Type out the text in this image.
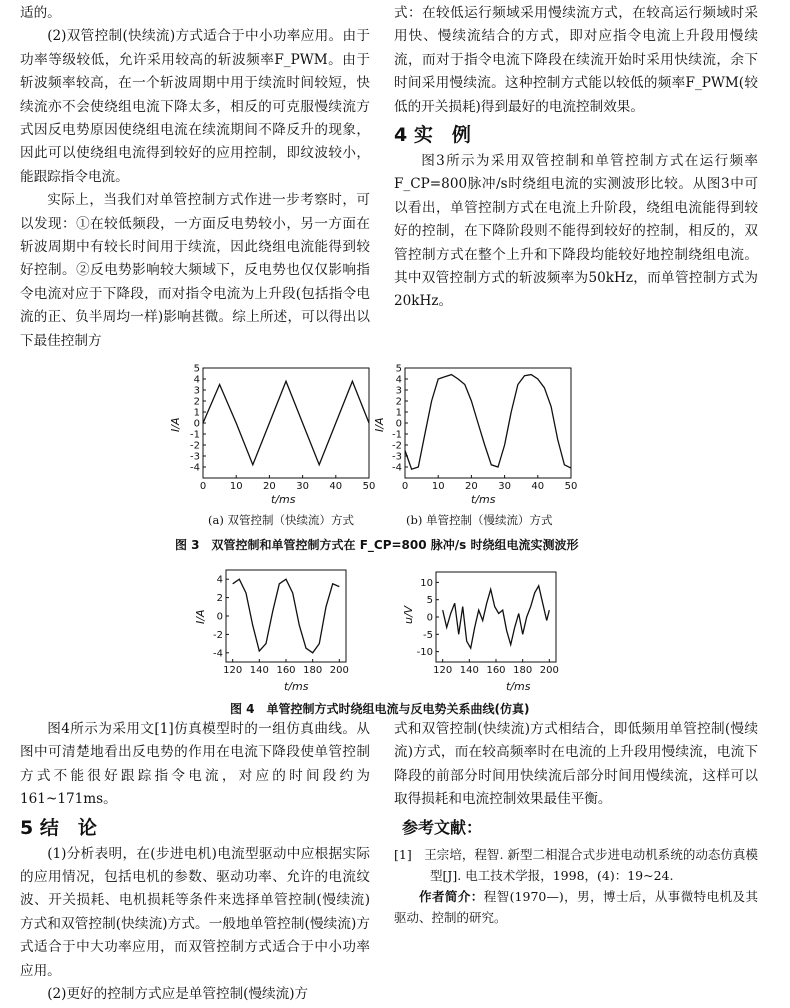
适的。

(2)双管控制(快续流)方式适合于中小功率应用。由于功率等级较低，允许采用较高的斩波频率F_PWM。由于斩波频率较高，在一个斩波周期中用于续流时间较短，快续流亦不会使绕组电流下降太多，相反的可克服慢续流方式因反电势原因使绕组电流在续流期间不降反升的现象，因此可以使绕组电流得到较好的应用控制，即纹波较小，能跟踪指令电流。

实际上，当我们对单管控制方式作进一步考察时，可以发现：①在较低频段，一方面反电势较小，另一方面在斩波周期中有较长时间用于续流，因此绕组电流能得到较好控制。②反电势影响较大频域下，反电势也仅仅影响指令电流对应于下降段，而对指令电流为上升段(包括指令电流的正、负半周均一样)影响甚微。综上所述，可以得出以下最佳控制方

式：在较低运行频域采用慢续流方式，在较高运行频域时采用快、慢续流结合的方式，即对应指令电流上升段用慢续流，而对于指令电流下降段在续流开始时采用快续流，余下时间采用慢续流。这种控制方式能以较低的频率F_PWM(较低的开关损耗)得到最好的电流控制效果。

4 实　例

图3所示为采用双管控制和单管控制方式在运行频率F_CP=800脉冲/s时绕组电流的实测波形比较。从图3中可以看出，单管控制方式在电流上升阶段，绕组电流能得到较好的控制，在下降阶段则不能得到较好的控制，相反的，双管控制方式在整个上升和下降段均能较好地控制绕组电流。其中双管控制方式的斩波频率为50kHz，而单管控制方式为20kHz。

0 10 20 30 40 50
-4
-3
-2
-1
0
1
2
3
4
5
0 10 20 30 40 50
-4
-3
-2
-1
0
1
2
3
4
5
I/A
t/ms
I/A
t/ms
(a) 双管控制（快续流）方式	(b) 单管控制（慢续流）方式
图 3　双管控制和单管控制方式在 F_CP=800 脉冲/s 时绕组电流实测波形
120 140 160 180 200
-4
-2
0
2
4
120 140 160 180 200
-10
-5
0
5
10
I/A
t/ms
u/V
t/ms
图 4　单管控制方式时绕组电流与反电势关系曲线(仿真)

图4所示为采用文[1]仿真模型时的一组仿真曲线。从图中可清楚地看出反电势的作用在电流下降段使单管控制方式不能很好跟踪指令电流，对应的时间段约为161~171ms。

5 结　论

(1)分析表明，在(步进电机)电流型驱动中应根据实际的应用情况，包括电机的参数、驱动功率、允许的电流纹波、开关损耗、电机损耗等条件来选择单管控制(慢续流)方式和双管控制(快续流)方式。一般地单管控制(慢续流)方式适合于中大功率应用，而双管控制方式适合于中小功率应用。

(2)更好的控制方式应是单管控制(慢续流)方

式和双管控制(快续流)方式相结合，即低频用单管控制(慢续流)方式，而在较高频率时在电流的上升段用慢续流，电流下降段的前部分时间用快续流后部分时间用慢续流，这样可以取得损耗和电流控制效果最佳平衡。

参考文献：

[1]　王宗培，程智. 新型二相混合式步进电动机系统的动态仿真模型[J]. 电工技术学报，1998，(4)：19~24.

作者简介：程智(1970—)，男，博士后，从事微特电机及其驱动、控制的研究。
